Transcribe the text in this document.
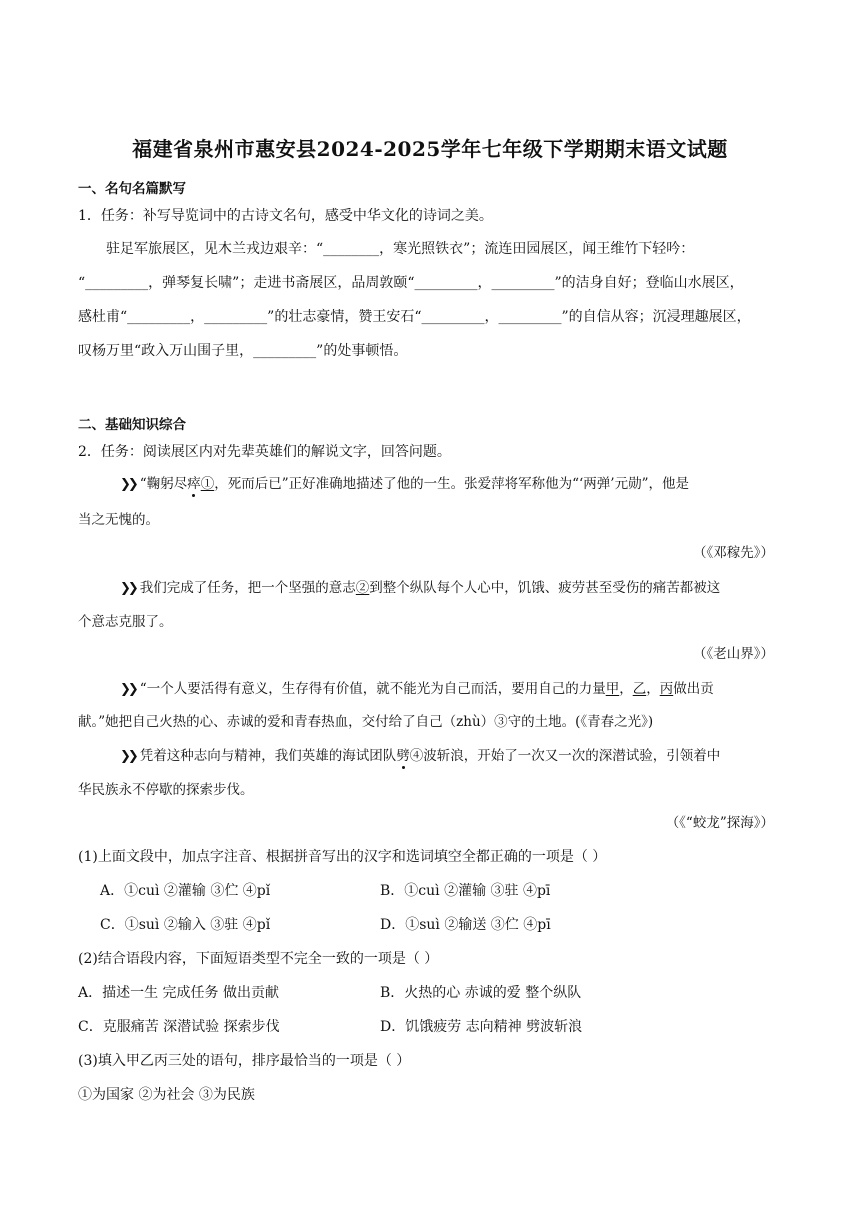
福建省泉州市惠安县2024-2025学年七年级下学期期末语文试题
一、名句名篇默写
1．任务：补写导览词中的古诗文名句，感受中华文化的诗词之美。
驻足军旅展区，见木兰戎边艰辛：“________，寒光照铁衣”；流连田园展区，闻王维竹下轻吟：
“_________，弹琴复长啸”；走进书斋展区，品周敦颐“_________，_________”的洁身自好；登临山水展区，
感杜甫“_________，_________”的壮志豪情，赞王安石“_________，_________”的自信从容；沉浸理趣展区，
叹杨万里“政入万山围子里，_________”的处事顿悟。
二、基础知识综合
2．任务：阅读展区内对先辈英雄们的解说文字，回答问题。
❯❯ “鞠躬尽瘁①，死而后已”正好准确地描述了他的一生。张爱萍将军称他为“‘两弹’元勋”，他是
当之无愧的。
（《邓稼先》）
❯❯ 我们完成了任务，把一个坚强的意志②到整个纵队每个人心中，饥饿、疲劳甚至受伤的痛苦都被这
个意志克服了。
（《老山界》）
❯❯ “一个人要活得有意义，生存得有价值，就不能光为自己而活，要用自己的力量甲，乙，丙做出贡
献。”她把自己火热的心、赤诚的爱和青春热血，交付给了自己（zhù）③守的土地。(《青春之光》)
❯❯ 凭着这种志向与精神，我们英雄的海试团队劈④波斩浪，开始了一次又一次的深潜试验，引领着中
华民族永不停歇的探索步伐。
（《“蛟龙”探海》）
(1)上面文段中，加点字注音、根据拼音写出的汉字和选词填空全都正确的一项是（ ）
A．①cuì ②灌输 ③伫 ④pǐ	B．①cuì ②灌输 ③驻 ④pī
C．①suì ②输入 ③驻 ④pǐ	D．①suì ②输送 ③伫 ④pī
(2)结合语段内容，下面短语类型不完全一致的一项是（ ）
A．描述一生 完成任务 做出贡献	B．火热的心 赤诚的爱 整个纵队
C．克服痛苦 深潜试验 探索步伐	D．饥饿疲劳 志向精神 劈波斩浪
(3)填入甲乙丙三处的语句，排序最恰当的一项是（ ）
①为国家 ②为社会 ③为民族
